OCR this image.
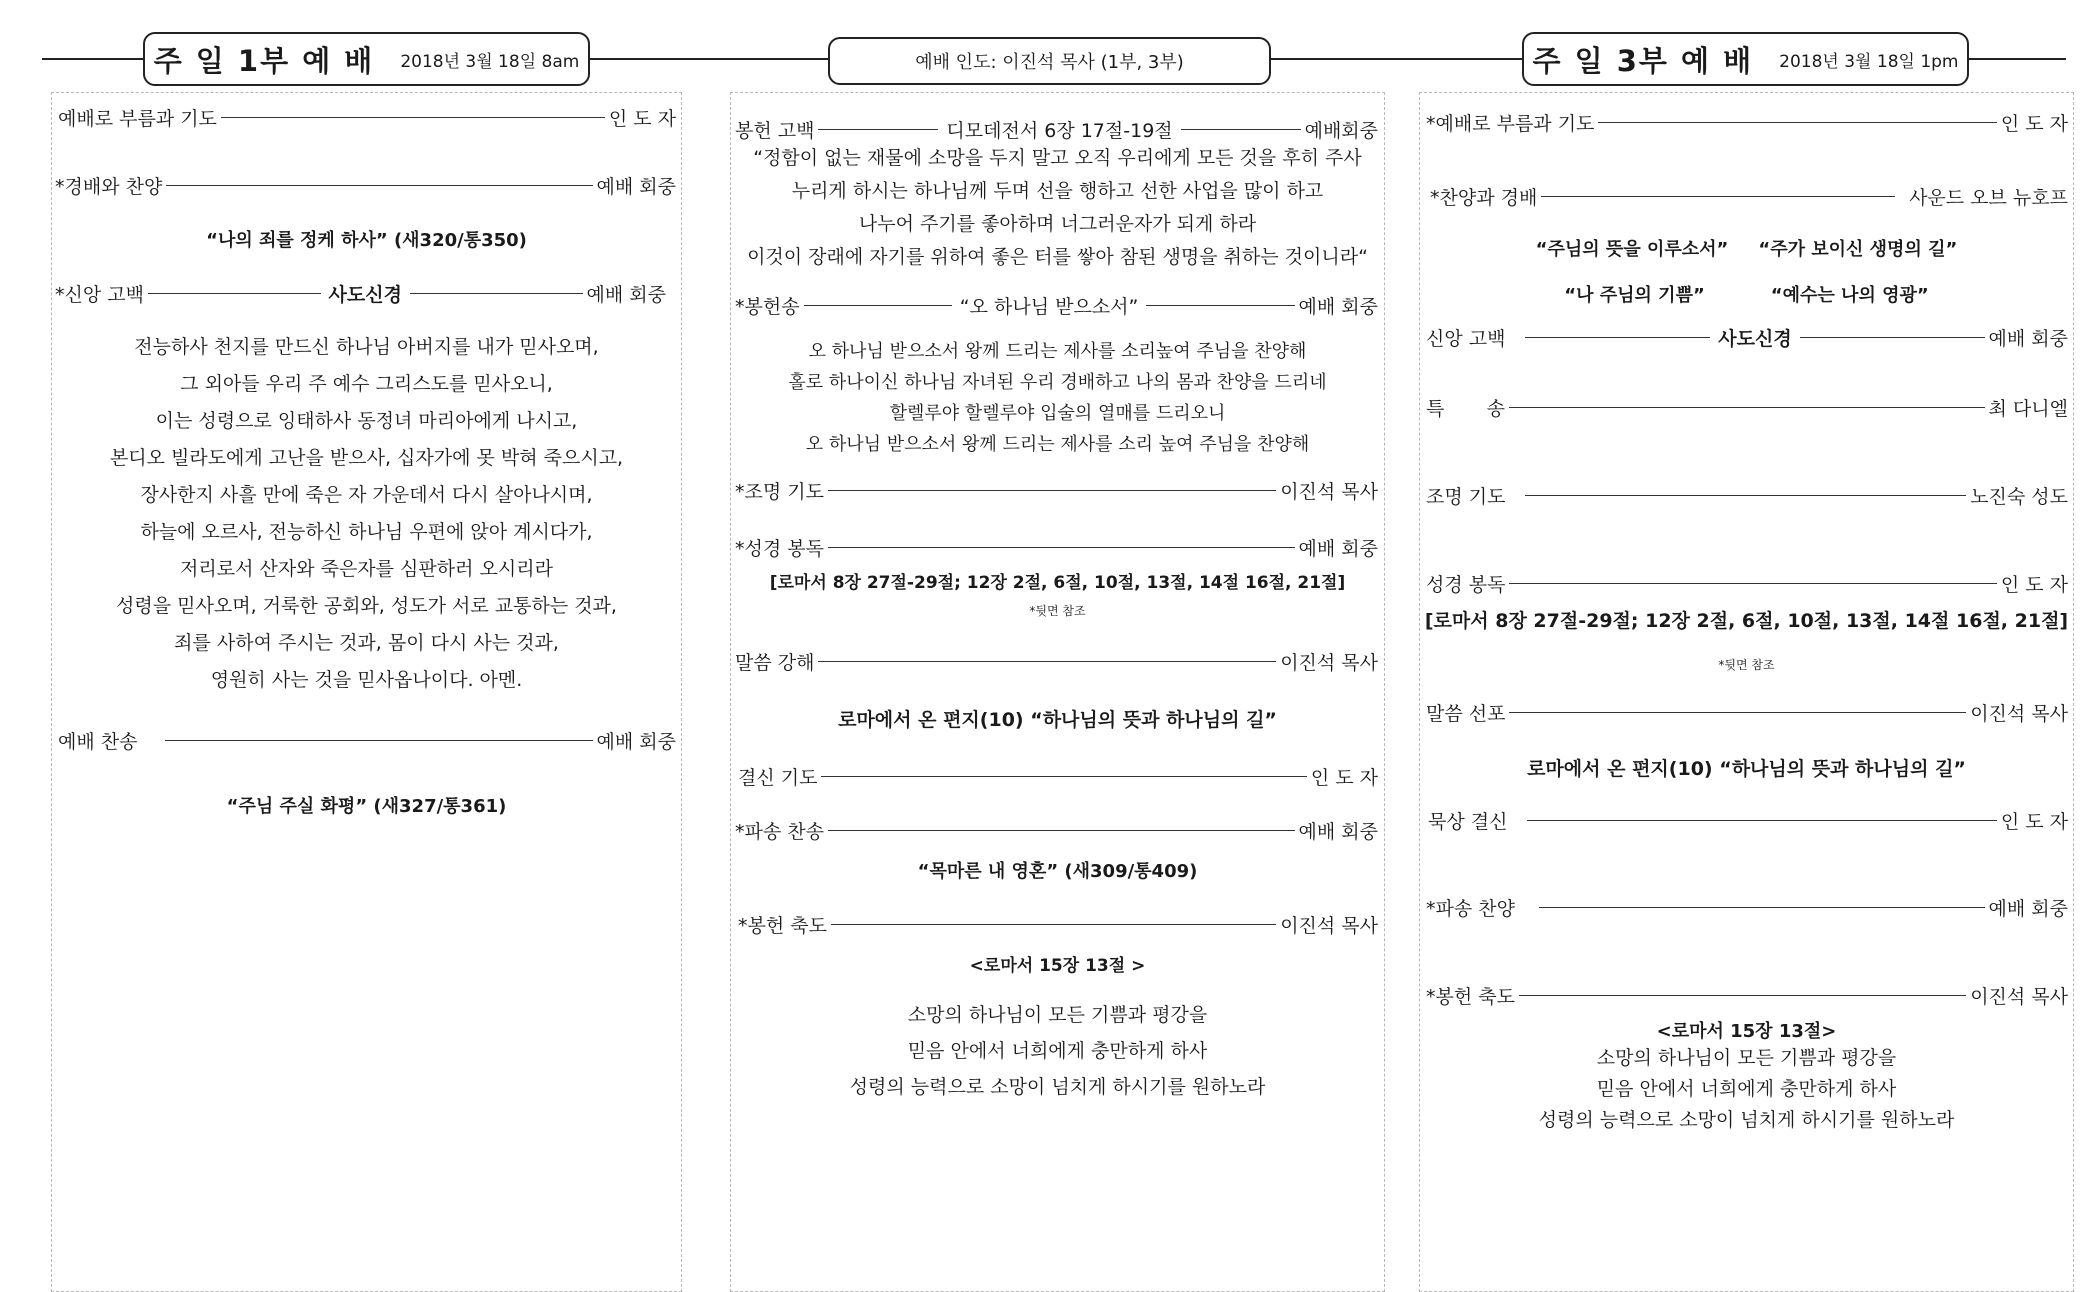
주 일 1부 예 배 2018년 3월 18일 8am	예배 인도: 이진석 목사 (1부, 3부)	주 일 3부 예 배 2018년 3월 18일 1pm
예배로 부름과 기도	인 도 자
*경배와 찬양	예배 회중
“나의 죄를 정케 하사” (새320/통350)
*신앙 고백	사도신경	예배 회중
전능하사 천지를 만드신 하나님 아버지를 내가 믿사오며,
그 외아들 우리 주 예수 그리스도를 믿사오니,
이는 성령으로 잉태하사 동정녀 마리아에게 나시고,
본디오 빌라도에게 고난을 받으사, 십자가에 못 박혀 죽으시고,
장사한지 사흘 만에 죽은 자 가운데서 다시 살아나시며,
하늘에 오르사, 전능하신 하나님 우편에 앉아 계시다가,
저리로서 산자와 죽은자를 심판하러 오시리라
성령을 믿사오며, 거룩한 공회와, 성도가 서로 교통하는 것과,
죄를 사하여 주시는 것과, 몸이 다시 사는 것과,
영원히 사는 것을 믿사옵나이다. 아멘.
예배 찬송	예배 회중
“주님 주실 화평” (새327/통361)
봉헌 고백	디모데전서 6장 17절-19절	예배회중
“정함이 없는 재물에 소망을 두지 말고 오직 우리에게 모든 것을 후히 주사
누리게 하시는 하나님께 두며 선을 행하고 선한 사업을 많이 하고
나누어 주기를 좋아하며 너그러운자가 되게 하라
이것이 장래에 자기를 위하여 좋은 터를 쌓아 참된 생명을 취하는 것이니라“
*봉헌송	“오 하나님 받으소서”	예배 회중
오 하나님 받으소서 왕께 드리는 제사를 소리높여 주님을 찬양해
홀로 하나이신 하나님 자녀된 우리 경배하고 나의 몸과 찬양을 드리네
할렐루야 할렐루야 입술의 열매를 드리오니
오 하나님 받으소서 왕께 드리는 제사를 소리 높여 주님을 찬양해
*조명 기도	이진석 목사
*성경 봉독	예배 회중
[로마서 8장 27절-29절; 12장 2절, 6절, 10절, 13절, 14절 16절, 21절]
*뒷면 참조
말씀 강해	이진석 목사
로마에서 온 편지(10) “하나님의 뜻과 하나님의 길”
결신 기도	인 도 자
*파송 찬송	예배 회중
“목마른 내 영혼” (새309/통409)
*봉헌 축도	이진석 목사
<로마서 15장 13절 >
소망의 하나님이 모든 기쁨과 평강을
믿음 안에서 너희에게 충만하게 하사
성령의 능력으로 소망이 넘치게 하시기를 원하노라
*예배로 부름과 기도	인 도 자
*찬양과 경배	사운드 오브 뉴호프
“주님의 뜻을 이루소서” “주가 보이신 생명의 길”
“나 주님의 기쁨”	“예수는 나의 영광”
신앙 고백	사도신경	예배 회중
특       송	최 다니엘
조명 기도	노진숙 성도
성경 봉독	인 도 자
[로마서 8장 27절-29절; 12장 2절, 6절, 10절, 13절, 14절 16절, 21절]
*뒷면 참조
말씀 선포	이진석 목사
로마에서 온 편지(10) “하나님의 뜻과 하나님의 길”
묵상 결신	인 도 자
*파송 찬양	예배 회중
*봉헌 축도	이진석 목사
<로마서 15장 13절>
소망의 하나님이 모든 기쁨과 평강을
믿음 안에서 너희에게 충만하게 하사
성령의 능력으로 소망이 넘치게 하시기를 원하노라
